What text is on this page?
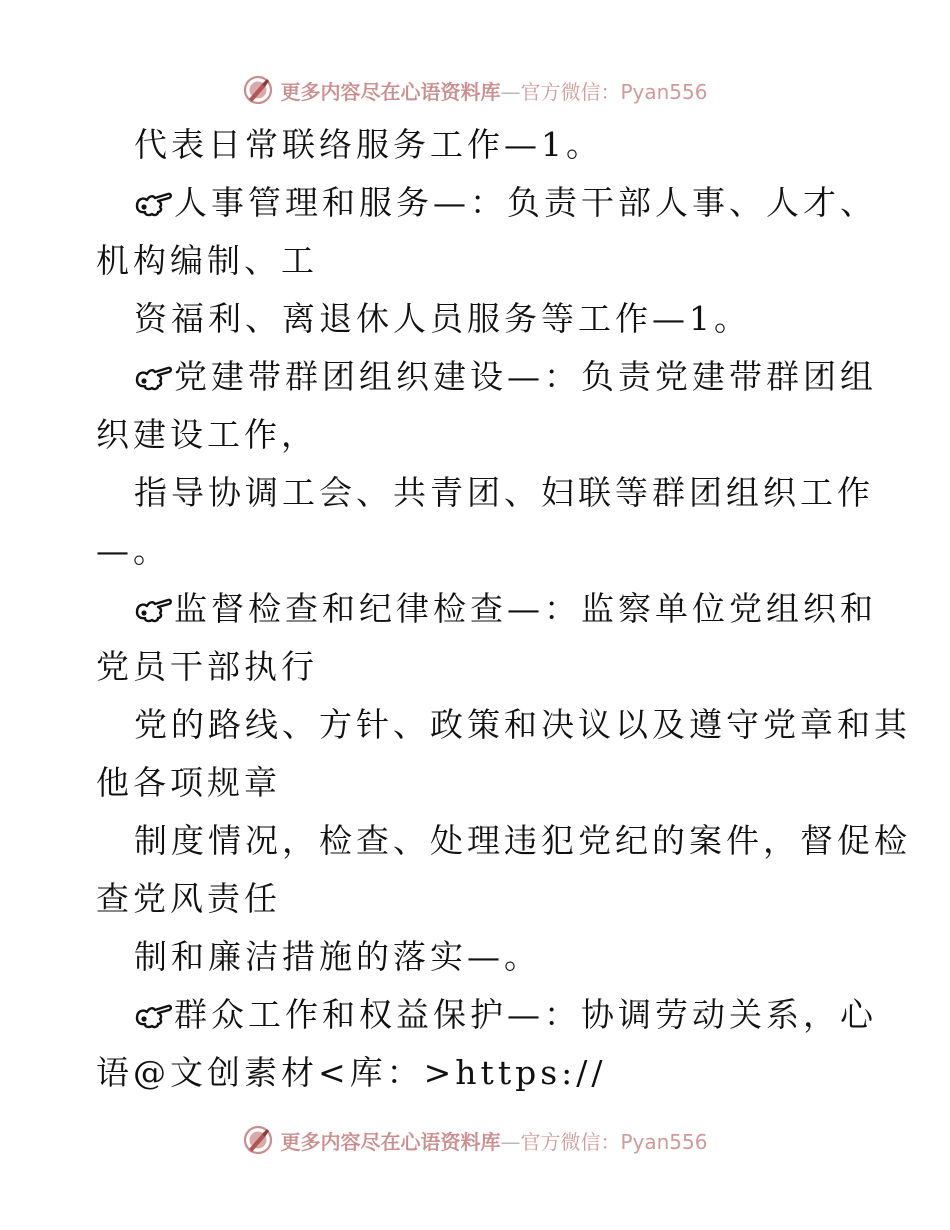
更多内容尽在心语资料库—官方微信：Pyan556
代表日常联络服务工作—1。
人事管理和服务—：负责干部人事、人才、
机构编制、工
资福利、离退休人员服务等工作—1。
党建带群团组织建设—：负责党建带群团组
织建设工作，
指导协调工会、共青团、妇联等群团组织工作
—。
监督检查和纪律检查—：监察单位党组织和
党员干部执行
党的路线、方针、政策和决议以及遵守党章和其
他各项规章
制度情况，检查、处理违犯党纪的案件，督促检
查党风责任
制和廉洁措施的落实—。
群众工作和权益保护—：协调劳动关系，心
语@文创素材<库：>https://
更多内容尽在心语资料库—官方微信：Pyan556
